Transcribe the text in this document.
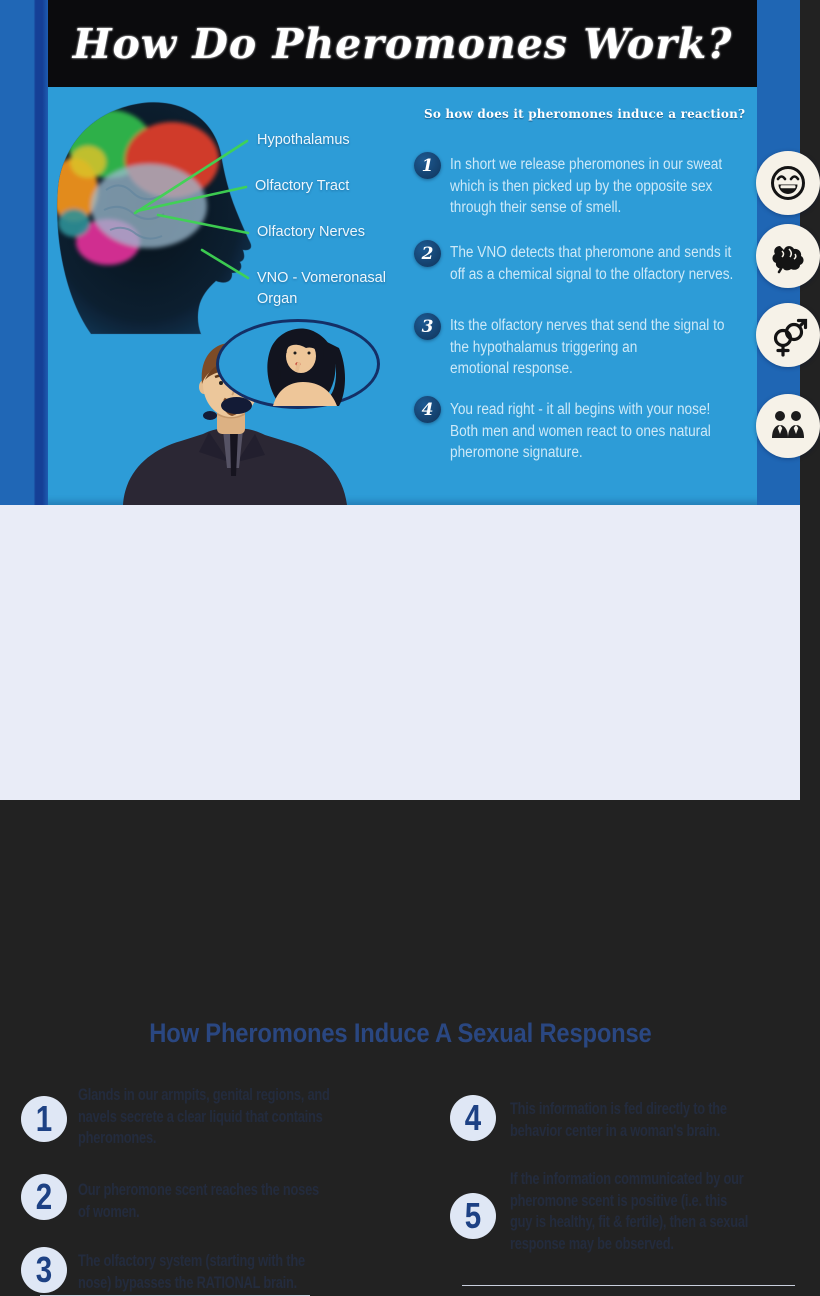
How Do Pheromones Work?
Hypothalamus
Olfactory Tract
Olfactory Nerves
VNO - Vomeronasal
Organ
So how does it pheromones induce a reaction?
1 In short we release pheromones in our sweat
which is then picked up by the opposite sex
through their sense of smell.
2 The VNO detects that pheromone and sends it
off as a chemical signal to the olfactory nerves.
3 Its the olfactory nerves that send the signal to
the hypothalamus triggering an
emotional response.
4 You read right - it all begins with your nose!
Both men and women react to ones natural
pheromone signature.
How Pheromones Induce A Sexual Response
1
Glands in our armpits, genital regions, and
navels secrete a clear liquid that contains
pheromones.
2 Our pheromone scent reaches the noses
of women.
3 The olfactory system (starting with the
nose) bypasses the RATIONAL brain.
4 This information is fed directly to the
behavior center in a woman's brain.
5
If the information communicated by our
pheromone scent is positive (i.e. this
guy is healthy, fit & fertile), then a sexual
response may be observed.
